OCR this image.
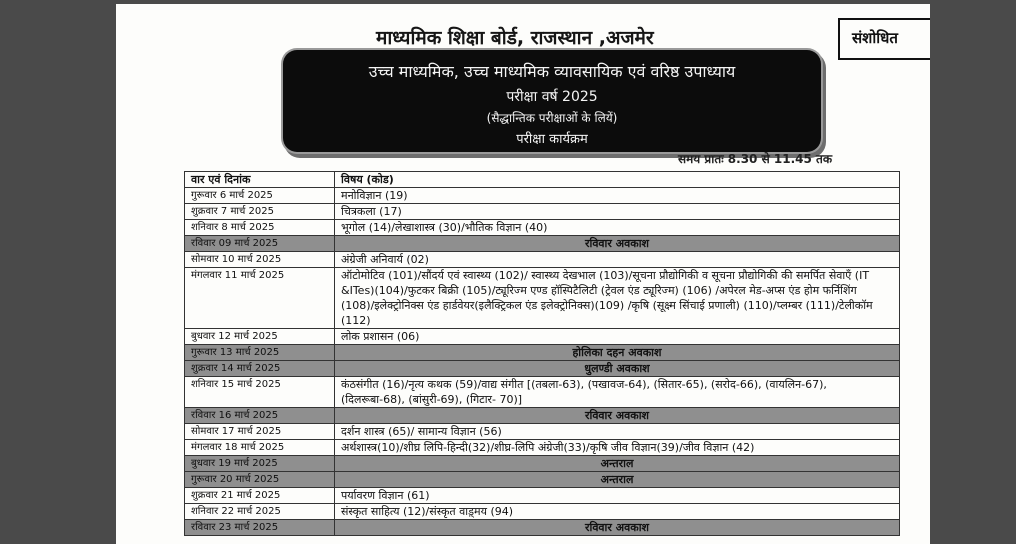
माध्यमिक शिक्षा बोर्ड, राजस्थान ,अजमेर	संशोधित
उच्च माध्यमिक, उच्च माध्यमिक व्यावसायिक एवं वरिष्ठ उपाध्याय
परीक्षा वर्ष 2025
(सैद्धान्तिक परीक्षाओं के लियें)
परीक्षा कार्यक्रम
समय प्रातः 8.30 से 11.45 तक
वार एवं दिनांक	विषय (कोड)
गुरूवार 6 मार्च 2025	मनोविज्ञान (19)
शुक्रवार 7 मार्च 2025	चित्रकला (17)
शनिवार 8 मार्च 2025	भूगोल (14)/लेखाशास्त्र (30)/भौतिक विज्ञान (40)
रविवार 09 मार्च 2025	रविवार अवकाश
सोमवार 10 मार्च 2025	अंग्रेजी अनिवार्य (02)
मंगलवार 11 मार्च 2025	ऑटोमोटिव (101)/सौंदर्य एवं स्वास्थ्य (102)/ स्वास्थ्य देखभाल (103)/सूचना प्रौद्योगिकी व सूचना प्रौद्योगिकी की समर्पित सेवाएँ (IT &ITes)(104)/फुटकर बिक्री (105)/ट्यूरिज्म एण्ड हॉस्पिटैलिटी (ट्रेवल एंड ट्यूरिज्म) (106) /अपेरल मेड-अप्स एंड होम फर्निशिंग (108)/इलेक्ट्रोनिक्स एंड हार्डवेयर(इलैक्ट्रिकल एंड इलेक्ट्रोनिक्स)(109) /कृषि (सूक्ष्म सिंचाई प्रणाली) (110)/प्लम्बर (111)/टेलीकॉम (112)
बुधवार 12 मार्च 2025	लोक प्रशासन (06)
गुरूवार 13 मार्च 2025	होलिका दहन अवकाश
शुक्रवार 14 मार्च 2025	धुलण्डी अवकाश
शनिवार 15 मार्च 2025	कंठसंगीत (16)/नृत्य कथक (59)/वाद्य संगीत [(तबला-63), (पखावज-64), (सितार-65), (सरोद-66), (वायलिन-67), (दिलरूबा-68), (बांसुरी-69), (गिटार- 70)]
रविवार 16 मार्च 2025	रविवार अवकाश
सोमवार 17 मार्च 2025	दर्शन शास्त्र (65)/ सामान्य विज्ञान (56)
मंगलवार 18 मार्च 2025	अर्थशास्त्र(10)/शीघ्र लिपि-हिन्दी(32)/शीघ्र-लिपि अंग्रेजी(33)/कृषि जीव विज्ञान(39)/जीव विज्ञान (42)
बुधवार 19 मार्च 2025	अन्तराल
गुरूवार 20 मार्च 2025	अन्तराल
शुक्रवार 21 मार्च 2025	पर्यावरण विज्ञान (61)
शनिवार 22 मार्च 2025	संस्कृत साहित्य (12)/संस्कृत वाड़्मय (94)
रविवार 23 मार्च 2025	रविवार अवकाश
